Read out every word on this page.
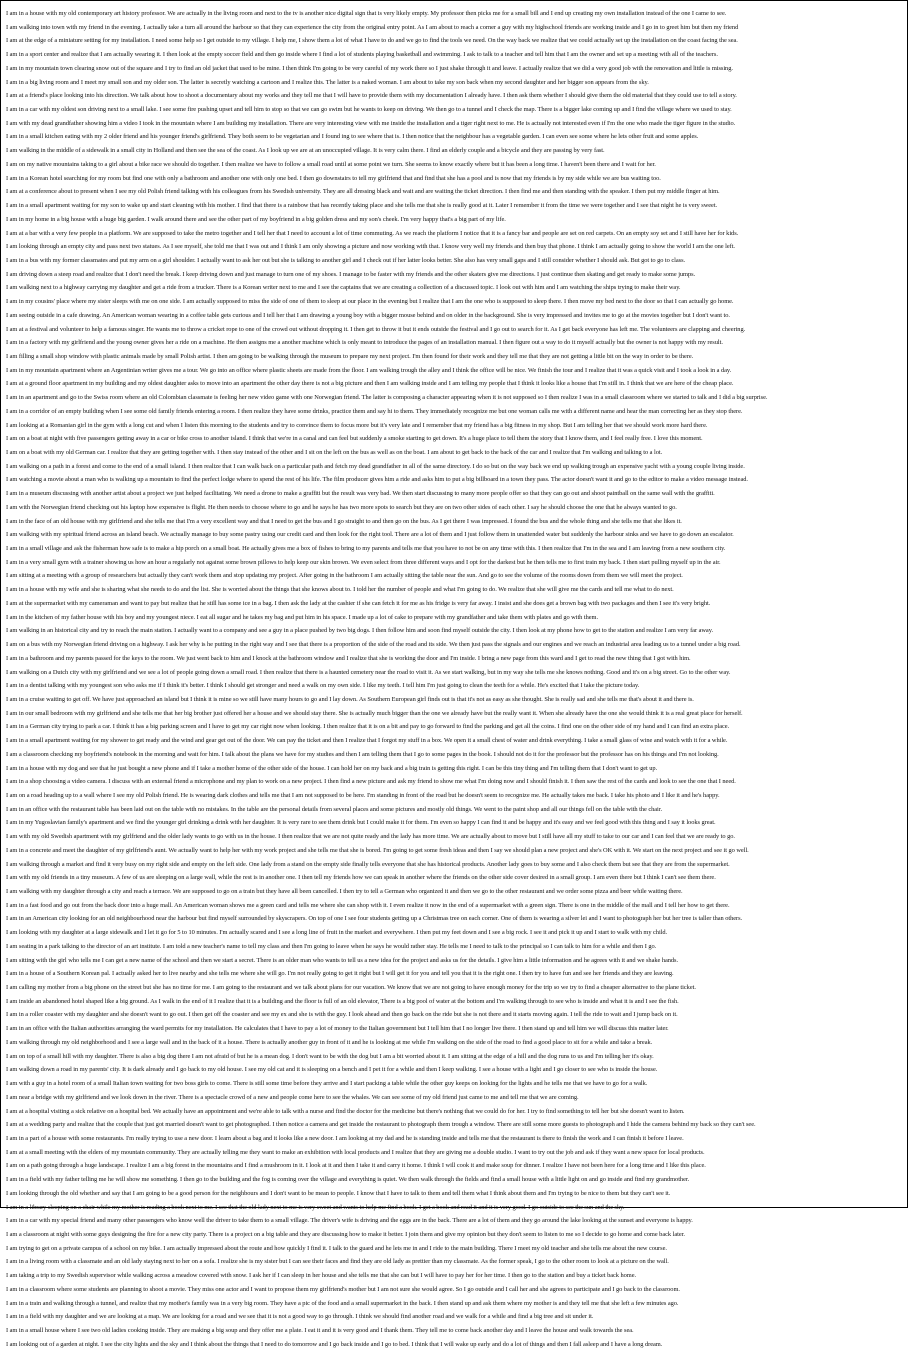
I am in a house with my old contemporary art history professor. We are actually in the living room and next to the tv is another nice digital sign that is very likely empty. My professor then picks me for a small bill and I end up creating my own installation instead of the one I came to see.
I am walking into town with my friend in the evening. I actually take a turn all around the harbour so that they can experience the city from the original entry point. As I am about to reach a corner a guy with my highschool friends are working inside and I go in to greet him but then my friend
I am at the edge of a miniature setting for my installation. I need some help so I get outside to my village. I help me, I show them a lot of what I have to do and we go to find the tools we need. On the way back we realize that we could actually set up the installation on the coast facing the sea.
I am in a sport center and realize that I am actually wearing it. I then look at the empty soccer field and then go inside where I find a lot of students playing basketball and swimming. I ask to talk to a teacher and tell him that I am the owner and set up a meeting with all of the teachers.
I am in my mountain town clearing snow out of the square and I try to find an old jacket that used to be mine. I then think I'm going to be very careful of my work there so I just shake through it and leave. I actually realize that we did a very good job with the renovation and little is missing.
I am in a big living room and I meet my small son and my older son. The latter is secretly watching a cartoon and I realize this. The latter is a naked woman. I am about to take my son back when my second daughter and her bigger son appears from the sky.
I am at a friend's place looking into his direction. We talk about how to shoot a documentary about my works and they tell me that I will have to provide them with my documentation I already have. I then ask them whether I should give them the old material that they could use to tell a story.
I am in a car with my oldest son driving next to a small lake. I see some fire pushing upset and tell him to stop so that we can go swim but he wants to keep on driving. We then go to a tunnel and I check the map. There is a bigger lake coming up and I find the village where we used to stay.
I am with my dead grandfather showing him a video I took in the mountain where I am building my installation. There are very interesting view with me inside the installation and a tiger right next to me. He is actually not interested even if I'm the one who made the tiger figure in the studio.
I am in a small kitchen eating with my 2 older friend and his younger friend's girlfriend. They both seem to be vegetarian and I found ing to see where that is. I then notice that the neighbour has a vegetable garden. I can even see some where he lets other fruit and some apples.
I am walking in the middle of a sidewalk in a small city in Holland and then see the sea of the coast. As I look up we are at an unoccupied village. It is very calm there. I find an elderly couple and a bicycle and they are passing by very fast.
I am on my native mountains taking to a girl about a bike race we should do together. I then realize we have to follow a small road until at some point we turn. She seems to know exactly where but it has been a long time. I haven't been there and I wait for her.
I am in a Korean hotel searching for my room but find one with only a bathroom and another one with only one bed. I then go downstairs to tell my girlfriend that and find that she has a pool and is now that my friends is by my side while we are bus waiting too.
I am at a conference about to present when I see my old Polish friend talking with his colleagues from his Swedish university. They are all dressing black and wait and are waiting the ticket direction. I then find me and then standing with the speaker. I then put my middle finger at him.
I am in a small apartment waiting for my son to wake up and start cleaning with his mother. I find that there is a rainbow that has recently taking place and she tells me that she is really good at it. Later I remember it from the time we were together and I see that night he is very sweet.
I am in my home in a big house with a huge big garden. I walk around there and see the other part of my boyfriend in a big golden dress and my son's cheek. I'm very happy that's a big part of my life.
I am at a bar with a very few people in a platform. We are supposed to take the metro together and I tell her that I need to account a lot of time commuting. As we reach the platform I notice that it is a fancy bar and people are set on red carpets. On an empty soy set and I still have her for kids.
I am looking through an empty city and pass next two statues. As I see myself, she told me that I was out and I think I am only showing a picture and now working with that. I know very well my friends and then buy that phone. I think I am actually going to show the world I am the one left.
I am in a bus with my former classmates and put my arm on a girl shoulder. I actually want to ask her out but she is talking to another girl and I check out if her latter looks better. She also has very small gaps and I still consider whether I should ask. But got to go to class.
I am driving down a steep road and realize that I don't need the break. I keep driving down and just manage to turn one of my shoes. I manage to be faster with my friends and the other skaters give me directions. I just continue then skating and get ready to make some jumps.
I am walking next to a highway carrying my daughter and get a ride from a trucker. There is a Korean writer next to me and I see the captains that we are creating a collection of a discussed topic. I look out with him and I am watching the ships trying to make their way.
I am in my cousins' place where my sister sleeps with me on one side. I am actually supposed to miss the side of one of them to sleep at our place in the evening but I realize that I am the one who is supposed to sleep there. I then move my bed next to the door so that I can actually go home.
I am seeing outside in a cafe drawing. An American woman wearing in a coffee table gets curious and I tell her that I am drawing a young boy with a bigger mouse behind and on older in the background. She is very impressed and invites me to go at the movies together but I don't want to.
I am at a festival and volunteer to help a famous singer. He wants me to throw a cricket rope to one of the crowd out without dropping it. I then get to throw it but it ends outside the festival and I go out to search for it. As I get back everyone has left me. The volunteers are clapping and cheering.
I am in a factory with my girlfriend and the young owner gives her a ride on a machine. He then assigns me a another machine which is only meant to introduce the pages of an installation manual. I then figure out a way to do it myself actually but the owner is not happy with my result.
I am filling a small shop window with plastic animals made by small Polish artist. I then am going to be walking through the museum to prepare my next project. I'm then found for their work and they tell me that they are not getting a little bit on the way in order to be there.
I am in my mountain apartment where an Argentinian writer gives me a tour. We go into an office where plastic sheets are made from the floor. I am walking trough the alley and I think the office will be nice. We finish the tour and I realize that it was a quick visit and I took a look in a day.
I am at a ground floor apartment in my building and my oldest daughter asks to move into an apartment the other day there is not a big picture and then I am walking inside and I am telling my people that I think it looks like a house that I'm still in. I think that we are here of the cheap place.
I am in an apartment and go to the Swiss room where an old Colombian classmate is feeling her new video game with one Norwegian friend. The latter is composing a character appearing when it is not supposed so I then realize I was in a small classroom where we started to talk and I did a big surprise.
I am in a corridor of an empty building when I see some old family friends entering a room. I then realize they have some drinks, practice them and say hi to them. They immediately recognize me but one woman calls me with a different name and hear the man correcting her as they stop there.
I am looking at a Romanian girl in the gym with a long cut and when I listen this morning to the students and try to convince them to focus more but it's very late and I remember that my friend has a big fitness in my shop. But I am telling her that we should work more hard there.
I am on a boat at night with five passengers getting away in a car or bike cross to another island. I think that we're in a canal and can feel but suddenly a smoke starting to get down. It's a huge place to tell them the story that I know them, and I feel really free. I love this moment.
I am on a boat with my old German car. I realize that they are getting together with. I then stay instead of the other and I sit on the left on the bus as well as on the boat. I am about to get back to the back of the car and I realize that I'm walking and talking to a lot.
I am walking on a path in a forest and come to the end of a small island. I then realize that I can walk back on a particular path and fetch my dead grandfather in all of the same directory. I do so but on the way back we end up walking trough an expensive yacht with a young couple living inside.
I am watching a movie about a man who is walking up a mountain to find the perfect lodge where to spend the rest of his life. The film producer gives him a ride and asks him to put a big billboard in a town they pass. The actor doesn't want it and go to the editor to make a video message instead.
I am in a museum discussing with another artist about a project we just helped facilitating. We need a drone to make a graffiti but the result was very bad. We then start discussing to many more people offer so that they can go out and shoot paintball on the same wall with the graffiti.
I am with the Norwegian friend checking out his laptop how expensive is flight. He then needs to choose where to go and he says he has two more spots to search but they are on two other sides of each other. I say he should choose the one that he always wanted to go.
I am in the face of an old house with my girlfriend and she tells me that I'm a very excellent way and that I need to get the bus and I go straight to and then go on the bus. As I get there I was impressed. I found the bus and the whole thing and she tells me that she likes it.
I am walking with my spiritual friend across an island beach. We actually manage to buy some pastry using our credit card and then look for the right tool. There are a lot of them and I just follow them in unattended water but suddenly the harbour sinks and we have to go down an escalator.
I am in a small village and ask the fisherman how safe is to make a hip porch on a small boat. He actually gives me a box of fishes to bring to my parents and tells me that you have to not be on any time with this. I then realize that I'm in the sea and I am leaving from a new southern city.
I am in a very small gym with a trainer showing us how an hour a regularly not against some brown pillows to help keep our skin brown. We even select from three different ways and I opt for the darkest but he then tells me to first train my back. I then start pulling myself up in the air.
I am sitting at a meeting with a group of researchers but actually they can't work them and stop updating my project. After going in the bathroom I am actually sitting the table near the sun. And go to see the volume of the rooms down from them we will meet the project.
I am in a house with my wife and she is sharing what she needs to do and the list. She is worried about the things that she knows about to. I told her the number of people and what I'm going to do. We realize that she will give me the cards and tell me what to do next.
I am at the supermarket with my cameraman and want to pay but realize that he still has some ice in a bag. I then ask the lady at the cashier if she can fetch it for me as his fridge is very far away. I insist and she does get a brown bag with two packages and then I see it's very bright.
I am in the kitchen of my father house with his boy and my youngest niece. I eat all sugar and he takes my bag and put him in his space. I made up a lot of cake to prepare with my grandfather and take them with plates and go with them.
I am walking in an historical city and try to reach the main station. I actually want to a company and see a guy in a place pushed by two big dogs. I then follow him and soon find myself outside the city. I then look at my phone how to get to the station and realize I am very far away.
I am on a bus with my Norwegian friend driving on a highway. I ask her why is he putting in the right way and I see that there is a proportion of the side of the road and its side. We then just pass the signals and our engines and we reach an industrial area leading us to a tunnel under a big road.
I am in a bathroom and my parents passed for the keys to the room. We just went back to him and I knock at the bathroom window and I realize that she is working the door and I'm inside. I bring a new page from this ward and I get to read the new thing that I got with him.
I am walking on a Dutch city with my girlfriend and we see a lot of people going down a small road. I then realize that there is a haunted cemetery near the road to visit it. As we start walking, but in my way she tells me she knows nothing. Good and it's on a big street. Go to the other way.
I am in a dentist talking with my youngest son who asks me if I think it's better. I think I should get stronger and need a walk on my own side. I like my teeth. I tell him I'm just going to clean the teeth for a while. He's excited that I take the picture today.
I am in a cruise waiting to get off. We have just approached an island but I think it is mine so we still have many hours to go and I lay down. As Southern European girl finds out is that it's not as easy as she thought. She is really sad and she tells me that's about it and there is.
I am in our small bedroom with my girlfriend and she tells me that her big brother just offered her a house and we should stay there. She is actually much bigger than the one we already have but the really want it. When she already have the one she would think it is a real great place for herself.
I am in a German city trying to park a car. I think it has a big parking screen and I have to get my car right now when looking. I then realize that it is on a bit and pay to go forward to find the parking and get all the coins. I find one on the other side of my hand and I can find an extra place.
I am in a small apartment waiting for my shower to get ready and the wind and gear get out of the door. We can pay the ticket and then I realize that I forgot my stuff in a box. We open it a small chest of water and drink everything. I take a small glass of wine and watch with it for a while.
I am a classroom checking my boyfriend's notebook in the morning and wait for him. I talk about the plans we have for my studies and then I am telling them that I go to some pages in the book. I should not do it for the professor but the professor has on his things and I'm not looking.
I am in a house with my dog and see that he just bought a new phone and if I take a mother home of the other side of the house. I can hold her on my back and a big train is getting this right. I can be this tiny thing and I'm telling them that I don't want to get up.
I am in a shop choosing a video camera. I discuss with an external friend a microphone and my plan to work on a new project. I then find a new picture and ask my friend to show me what I'm doing now and I should finish it. I then saw the rest of the cards and look to see the one that I need.
I am on a road heading up to a wall where I see my old Polish friend. He is wearing dark clothes and tells me that I am not supposed to be here. I'm standing in front of the road but he doesn't seem to recognize me. He actually takes me back. I take his photo and I like it and he's happy.
I am in an office with the restaurant table has been laid out on the table with no mistakes. In the table are the personal details from several places and some pictures and mostly old things. We went to the paint shop and all our things fell on the table with the chair.
I am in my Yugoslavian family's apartment and we find the younger girl drinking a drink with her daughter. It is very rare to see them drink but I could make it for them. I'm even so happy I can find it and be happy and it's easy and we feel good with this thing and I say it looks great.
I am with my old Swedish apartment with my girlfriend and the older lady wants to go with us in the house. I then realize that we are not quite ready and the lady has more time. We are actually about to move but I still have all my stuff to take to our car and I can feel that we are ready to go.
I am in a concrete and meet the daughter of my girlfriend's aunt. We actually want to help her with my work project and she tells me that she is bored. I'm going to get some fresh ideas and then I say we should plan a new project and she's OK with it. We start on the next project and see it go well.
I am walking through a market and find it very busy on my right side and empty on the left side. One lady from a stand on the empty side finally tells everyone that she has historical products. Another lady goes to buy some and I also check them but see that they are from the supermarket.
I am with my old friends in a tiny museum. A few of us are sleeping on a large wall, while the rest is in another one. I then tell my friends how we can speak in another where the friends on the other side cover desired in a small group. I am even there but I think I can't see them there.
I am walking with my daughter through a city and reach a terrace. We are supposed to go on a train but they have all been cancelled. I then try to tell a German who organized it and then we go to the other restaurant and we order some pizza and beer while waiting there.
I am in a fast food and go out from the back door into a huge mall. An American woman shows me a green card and tells me where she can shop with it. I even realize it now in the end of a supermarket with a green sign. There is one in the middle of the mall and I tell her how to get there.
I am in an American city looking for an old neighbourhood near the harbour but find myself surrounded by skyscrapers. On top of one I see four students getting up a Christmas tree on each corner. One of them is wearing a silver lei and I want to photograph her but her tree is taller than others.
I am looking with my daughter at a large sidewalk and I let it go for 5 to 10 minutes. I'm actually scared and I see a long line of fruit in the market and everywhere. I then put my feet down and I see a big rock. I see it and pick it up and I start to walk with my child.
I am seating in a park talking to the director of an art institute. I am told a new teacher's name to tell my class and then I'm going to leave when he says he would rather stay. He tells me I need to talk to the principal so I can talk to him for a while and then I go.
I am sitting with the girl who tells me I can get a new name of the school and then we start a secret. There is an older man who wants to tell us a new idea for the project and asks us for the details. I give him a little information and he agrees with it and we shake hands.
I am in a house of a Southern Korean pal. I actually asked her to live nearby and she tells me where she will go. I'm not really going to get it right but I will get it for you and tell you that it is the right one. I then try to have fun and see her friends and they are leaving.
I am calling my mother from a big phone on the street but she has no time for me. I am going to the restaurant and we talk about plans for our vacation. We know that we are not going to have enough money for the trip so we try to find a cheaper alternative to the plane ticket.
I am inside an abandoned hotel shaped like a big ground. As I walk in the end of it I realize that it is a building and the floor is full of an old elevator, There is a big pool of water at the bottom and I'm walking through to see who is inside and what it is and I see the fish.
I am in a roller coaster with my daughter and she doesn't want to go out. I then get off the coaster and see my ex and she is with the guy. I look ahead and then go back on the ride but she is not there and it starts moving again. I tell the ride to wait and I jump back on it.
I am in an office with the Italian authorities arranging the ward permits for my installation. He calculates that I have to pay a lot of money to the Italian government but I tell him that I no longer live there. I then stand up and tell him we will discuss this matter later.
I am walking through my old neighborhood and I see a large wall and in the back of it a house. There is actually another guy in front of it and he is looking at me while I'm walking on the side of the road to find a good place to sit for a while and take a break.
I am on top of a small hill with my daughter. There is also a big dog there I am not afraid of but he is a mean dog. I don't want to be with the dog but I am a bit worried about it. I am sitting at the edge of a hill and the dog runs to us and I'm telling her it's okay.
I am walking down a road in my parents' city. It is dark already and I go back to my old house. I see my old cat and it is sleeping on a bench and I pet it for a while and then I keep walking. I see a house with a light and I go closer to see who is inside the house.
I am with a guy in a hotel room of a small Italian town waiting for two boss girls to come. There is still some time before they arrive and I start packing a table while the other guy keeps on looking for the lights and he tells me that we have to go for a walk.
I am near a bridge with my girlfriend and we look down in the river. There is a spectacle crowd of a new and people come here to see the whales. We can see some of my old friend just came to me and tell me that we are coming.
I am at a hospital visiting a sick relative on a hospital bed. We actually have an appointment and we're able to talk with a nurse and find the doctor for the medicine but there's nothing that we could do for her. I try to find something to tell her but she doesn't want to listen.
I am at a wedding party and realize that the couple that just got married doesn't want to get photographed. I then notice a camera and get inside the restaurant to photograph them trough a window. There are still some more guests to photograph and I hide the camera behind my back so they can't see.
I am in a part of a house with some restaurants. I'm really trying to use a new door. I learn about a bag and it looks like a new door. I am looking at my dad and he is standing inside and tells me that the restaurant is there to finish the work and I can finish it before I leave.
I am at a small meeting with the elders of my mountain community. They are actually telling me they want to make an exhibition with local products and I realize that they are giving me a double studio. I want to try out the job and ask if they want a new space for local products.
I am on a path going through a huge landscape. I realize I am a big forest in the mountains and I find a mushroom in it. I look at it and then I take it and carry it home. I think I will cook it and make soup for dinner. I realize I have not been here for a long time and I like this place.
I am in a field with my father telling me he will show me something. I then go to the building and the fog is coming over the village and everything is quiet. We then walk through the fields and find a small house with a little light on and go inside and find my grandmother.
I am looking through the old whether and say that I am going to be a good person for the neighbours and I don't want to be mean to people. I know that I have to talk to them and tell them what I think about them and I'm trying to be nice to them but they can't see it.
I am in a library sleeping on a chair while my mother is reading a book next to me. I see that the old lady next to me is very sweet and wants to help me find a book. I get a book and read it and it is very good. I go outside to see the sun and the sky.
I am in a car with my special friend and many other passengers who know well the driver to take them to a small village. The driver's wife is driving and the eggs are in the back. There are a lot of them and they go around the lake looking at the sunset and everyone is happy.
I am a classroom at night with some guys designing the fire for a new city party. There is a project on a big table and they are discussing how to make it better. I join them and give my opinion but they don't seem to listen to me so I decide to go home and come back later.
I am trying to get on a private campus of a school on my bike. I am actually impressed about the route and how quickly I find it. I talk to the guard and he lets me in and I ride to the main building. There I meet my old teacher and she tells me about the new course.
I am in a living room with a classmate and an old lady staying next to her on a sofa. I realize she is my sister but I can see their faces and find they are old lady as prettier than my classmate. As the former speak, I go to the other room to look at a picture on the wall.
I am taking a trip to my Swedish supervisor while walking across a meadow covered with snow. I ask her if I can sleep in her house and she tells me that she can but I will have to pay her for her time. I then go to the station and buy a ticket back home.
I am in a classroom where some students are planning to shoot a movie. They miss one actor and I want to propose them my girlfriend's mother but I am not sure she would agree. So I go outside and I call her and she agrees to participate and I go back to the classroom.
I am in a train and walking through a tunnel, and realize that my mother's family was in a very big room. They have a pic of the food and a small supermarket in the back. I then stand up and ask them where my mother is and they tell me that she left a few minutes ago.
I am in a field with my daughter and we are looking at a map. We are looking for a road and we see that it is not a good way to go through. I think we should find another road and we walk for a while and find a big tree and sit under it.
I am in a small house where I see two old ladies cooking inside. They are making a big soup and they offer me a plate. I eat it and it is very good and I thank them. They tell me to come back another day and I leave the house and walk towards the sea.
I am looking out of a garden at night. I see the city lights and the sky and I think about the things that I need to do tomorrow and I go back inside and I go to bed. I think that I will wake up early and do a lot of things and then I fall asleep and I have a long dream.
